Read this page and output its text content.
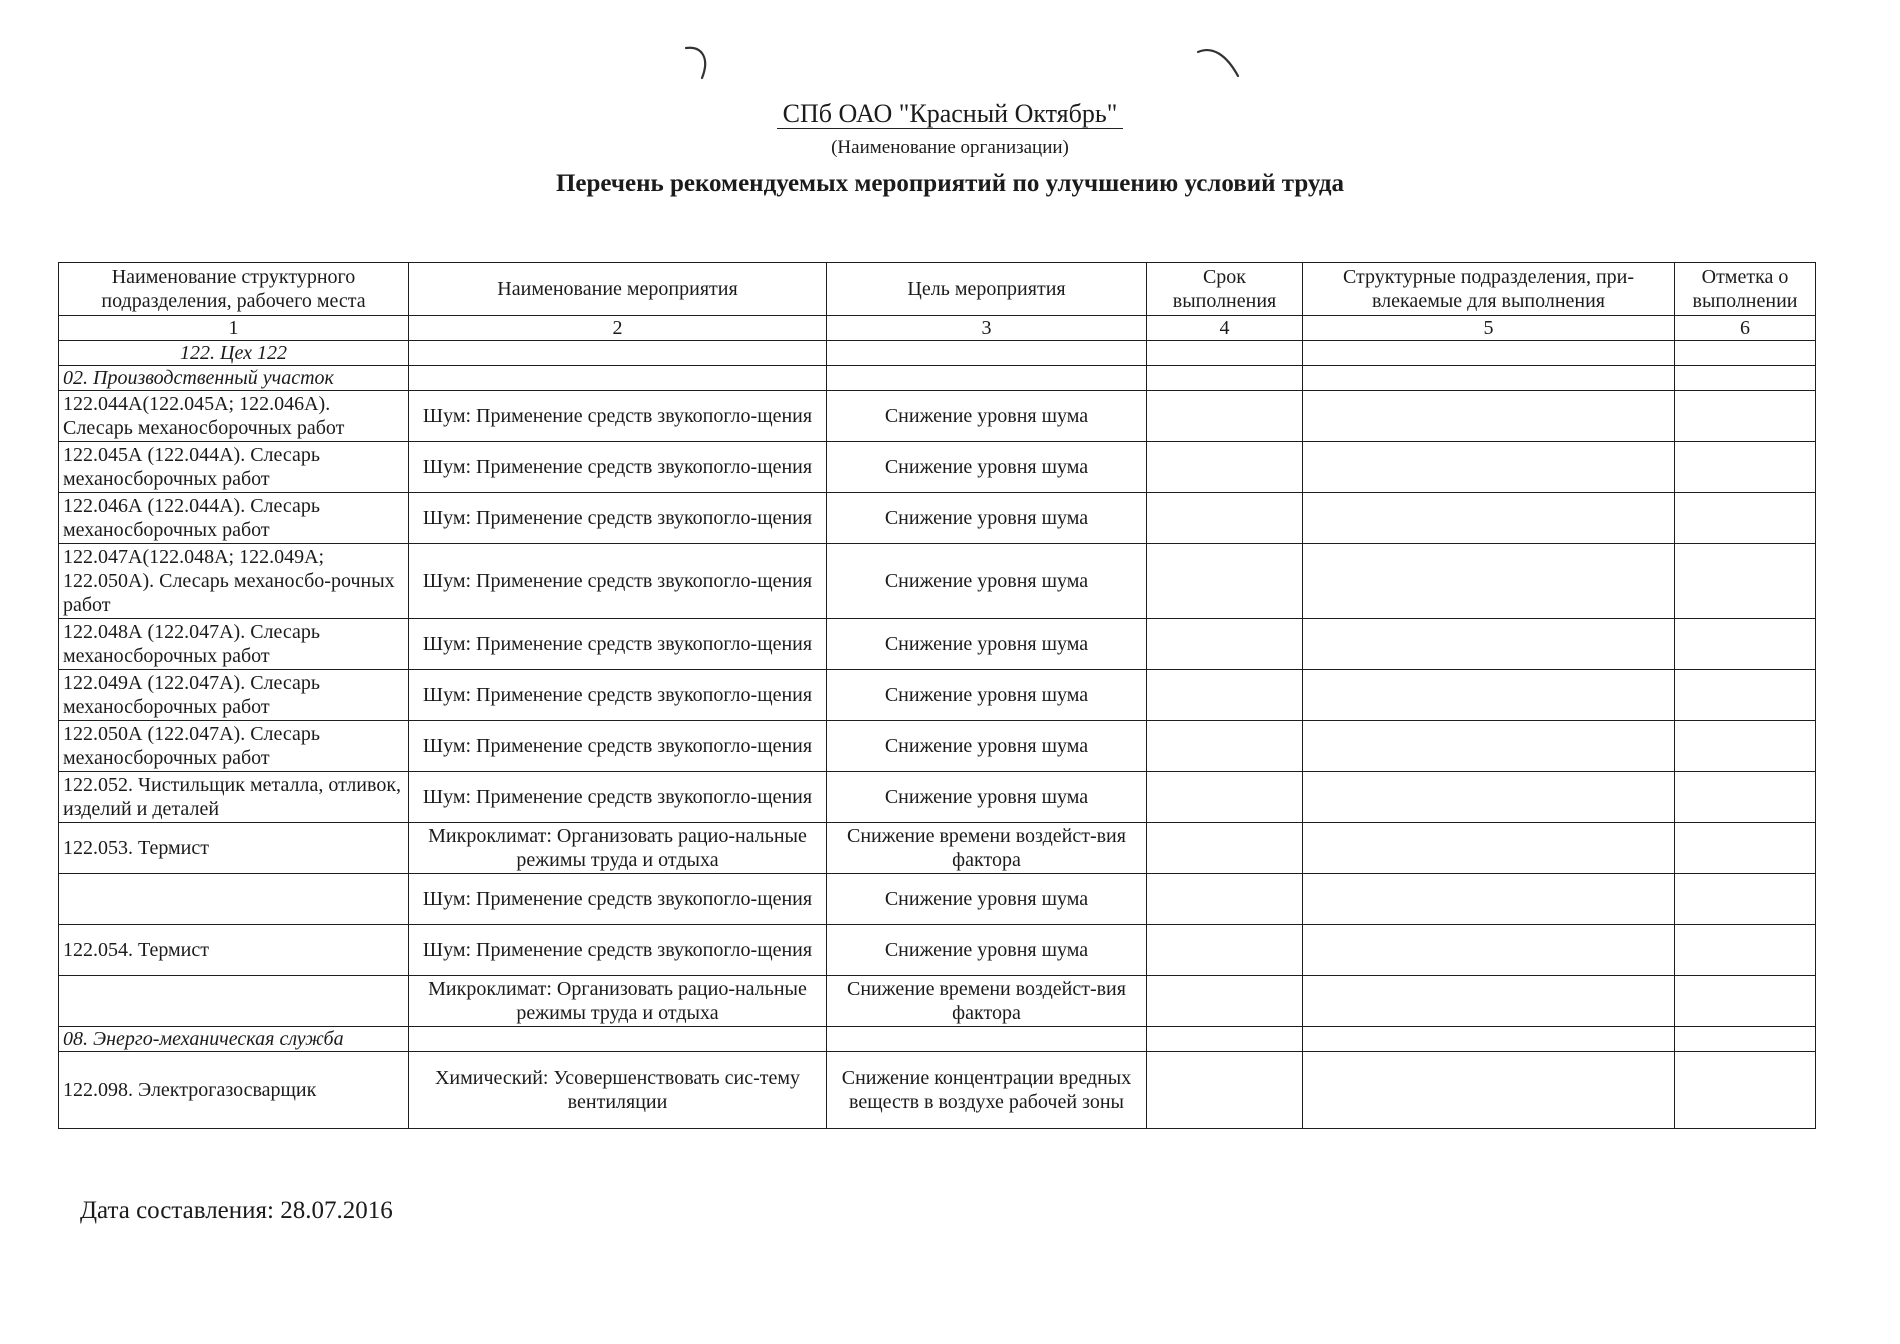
СПб ОАО "Красный Октябрь"
(Наименование организации)
Перечень рекомендуемых мероприятий по улучшению условий труда
Наименование структурного подразделения, рабочего места	Наименование мероприятия	Цель мероприятия	Срок выполнения	Структурные подразделения, при-влекаемые для выполнения	Отметка о выполнении
1	2	3	4	5	6
122. Цех 122					
02. Производственный участок					
122.044А(122.045А; 122.046А). Слесарь механосборочных работ	Шум: Применение средств звукопогло-щения	Снижение уровня шума			
122.045А (122.044А). Слесарь механосборочных работ	Шум: Применение средств звукопогло-щения	Снижение уровня шума			
122.046А (122.044А). Слесарь механосборочных работ	Шум: Применение средств звукопогло-щения	Снижение уровня шума			
122.047А(122.048А; 122.049А; 122.050А). Слесарь механосбо-рочных работ	Шум: Применение средств звукопогло-щения	Снижение уровня шума			
122.048А (122.047А). Слесарь механосборочных работ	Шум: Применение средств звукопогло-щения	Снижение уровня шума			
122.049А (122.047А). Слесарь механосборочных работ	Шум: Применение средств звукопогло-щения	Снижение уровня шума			
122.050А (122.047А). Слесарь механосборочных работ	Шум: Применение средств звукопогло-щения	Снижение уровня шума			
122.052. Чистильщик металла, отливок, изделий и деталей	Шум: Применение средств звукопогло-щения	Снижение уровня шума			
122.053. Термист	Микроклимат: Организовать рацио-нальные режимы труда и отдыха	Снижение времени воздейст-вия фактора			
	Шум: Применение средств звукопогло-щения	Снижение уровня шума			
122.054. Термист	Шум: Применение средств звукопогло-щения	Снижение уровня шума			
	Микроклимат: Организовать рацио-нальные режимы труда и отдыха	Снижение времени воздейст-вия фактора			
08. Энерго-механическая служба					
122.098. Электрогазосварщик	Химический: Усовершенствовать сис-тему вентиляции	Снижение концентрации вредных веществ в воздухе рабочей зоны			
Дата составления: 28.07.2016
